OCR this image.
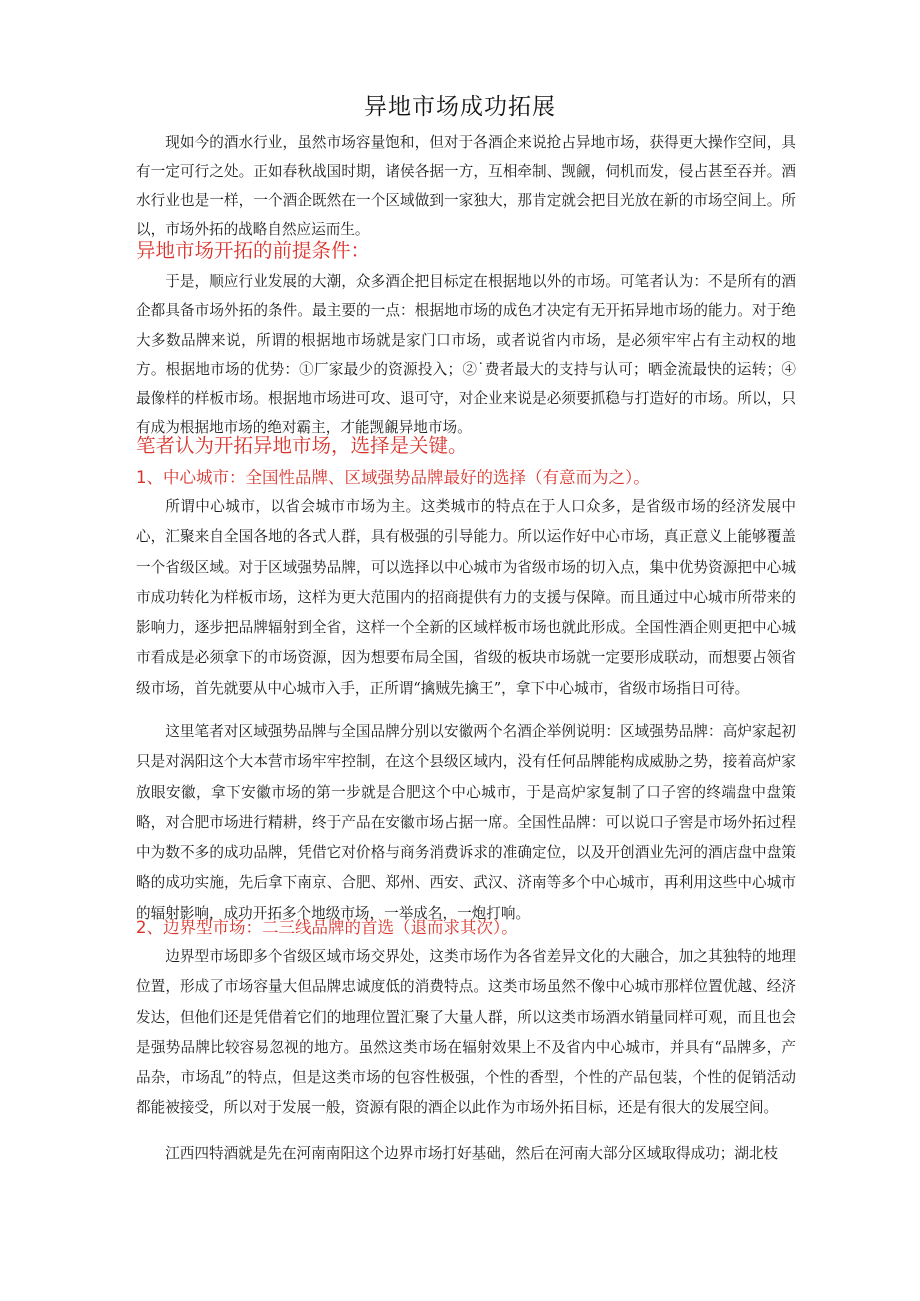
异地市场成功拓展

现如今的酒水行业，虽然市场容量饱和，但对于各酒企来说抢占异地市场，获得更大操作空间，具有一定可行之处。正如春秋战国时期，诸侯各据一方，互相牵制、觊觎，伺机而发，侵占甚至吞并。酒水行业也是一样，一个酒企既然在一个区域做到一家独大，那肯定就会把目光放在新的市场空间上。所以，市场外拓的战略自然应运而生。

异地市场开拓的前提条件：

于是，顺应行业发展的大潮，众多酒企把目标定在根据地以外的市场。可笔者认为：不是所有的酒企都具备市场外拓的条件。最主要的一点：根据地市场的成色才决定有无开拓异地市场的能力。对于绝大多数品牌来说，所谓的根据地市场就是家门口市场，或者说省内市场，是必须牢牢占有主动权的地方。根据地市场的优势：①厂家最少的资源投入；②˙费者最大的支持与认可；晒金流最快的运转；④最像样的样板市场。根据地市场进可攻、退可守，对企业来说是必须要抓稳与打造好的市场。所以，只有成为根据地市场的绝对霸主，才能觊覦异地市场。

笔者认为开拓异地市场，选择是关键。
1、中心城市：全国性品牌、区域强势品牌最好的选择（有意而为之）。

所谓中心城市，以省会城市市场为主。这类城市的特点在于人口众多，是省级市场的经济发展中心，汇聚来自全国各地的各式人群，具有极强的引导能力。所以运作好中心市场，真正意义上能够覆盖一个省级区域。对于区域强势品牌，可以选择以中心城市为省级市场的切入点，集中优势资源把中心城市成功转化为样板市场，这样为更大范围内的招商提供有力的支援与保障。而且通过中心城市所带来的影响力，逐步把品牌辐射到全省，这样一个全新的区域样板市场也就此形成。全国性酒企则更把中心城市看成是必须拿下的市场资源，因为想要布局全国，省级的板块市场就一定要形成联动，而想要占领省级市场，首先就要从中心城市入手，正所谓“擒贼先擒王”，拿下中心城市，省级市场指日可待。

这里笔者对区域强势品牌与全国品牌分别以安徽两个名酒企举例说明：区域强势品牌：高炉家起初只是对涡阳这个大本营市场牢牢控制，在这个县级区域内，没有任何品牌能构成威胁之势，接着高炉家放眼安徽，拿下安徽市场的第一步就是合肥这个中心城市，于是高炉家复制了口子窖的终端盘中盘策略，对合肥市场进行精耕，终于产品在安徽市场占据一席。全国性品牌：可以说口子窖是市场外拓过程中为数不多的成功品牌，凭借它对价格与商务消费诉求的准确定位，以及开创酒业先河的酒店盘中盘策略的成功实施，先后拿下南京、合肥、郑州、西安、武汉、济南等多个中心城市，再利用这些中心城市的辐射影响，成功开拓多个地级市场，一举成名，一炮打响。

2、边界型市场：二三线品牌的首选（退而求其次）。

边界型市场即多个省级区域市场交界处，这类市场作为各省差异文化的大融合，加之其独特的地理位置，形成了市场容量大但品牌忠诚度低的消费特点。这类市场虽然不像中心城市那样位置优越、经济发达，但他们还是凭借着它们的地理位置汇聚了大量人群，所以这类市场酒水销量同样可观，而且也会是强势品牌比较容易忽视的地方。虽然这类市场在辐射效果上不及省内中心城市，并具有“品牌多，产品杂，市场乱”的特点，但是这类市场的包容性极强，个性的香型，个性的产品包装，个性的促销活动都能被接受，所以对于发展一般，资源有限的酒企以此作为市场外拓目标，还是有很大的发展空间。

江西四特酒就是先在河南南阳这个边界市场打好基础，然后在河南大部分区域取得成功；湖北枝
